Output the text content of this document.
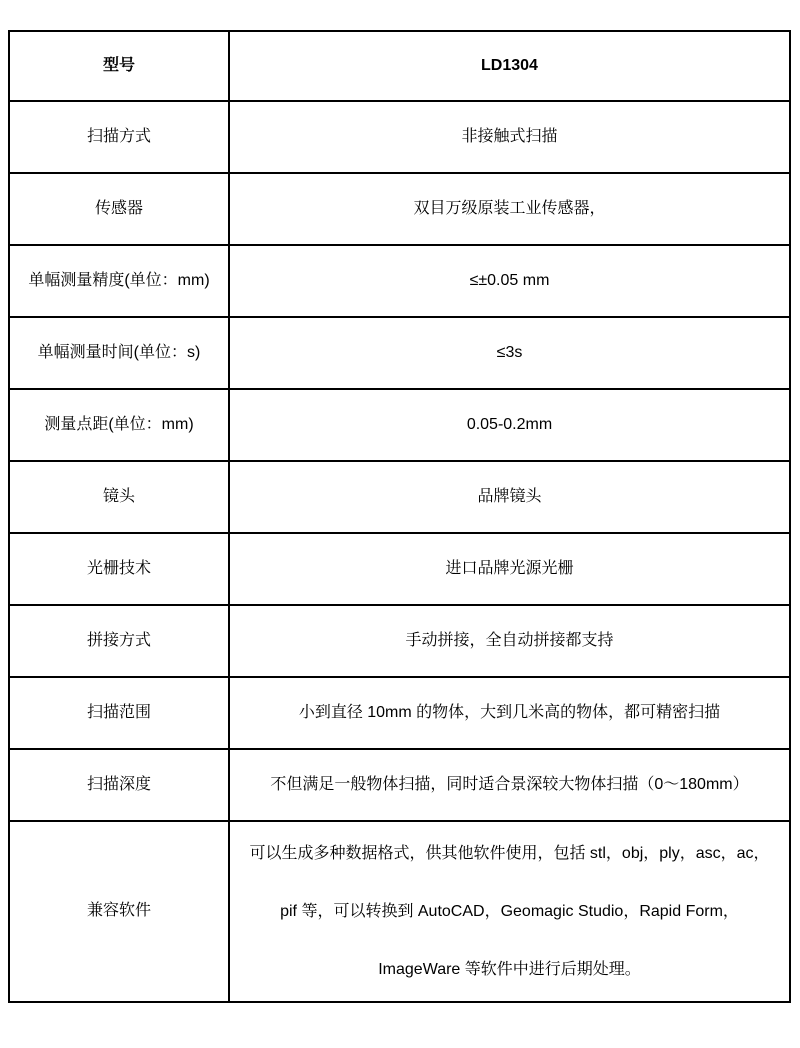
型号	LD1304
扫描方式	非接触式扫描
传感器	双目万级原装工业传感器，
单幅测量精度(单位：mm)	≤±0.05 mm
单幅测量时间(单位：s)	≤3s
测量点距(单位：mm)	0.05-0.2mm
镜头	品牌镜头
光栅技术	进口品牌光源光栅
拼接方式	手动拼接，全自动拼接都支持
扫描范围	小到直径 10mm 的物体，大到几米高的物体，都可精密扫描
扫描深度	不但满足一般物体扫描，同时适合景深较大物体扫描（0～180mm）
兼容软件	可以生成多种数据格式，供其他软件使用，包括 stl，obj，ply，asc，ac，
pif 等，可以转换到 AutoCAD，Geomagic Studio，Rapid Form，
ImageWare 等软件中进行后期处理。
